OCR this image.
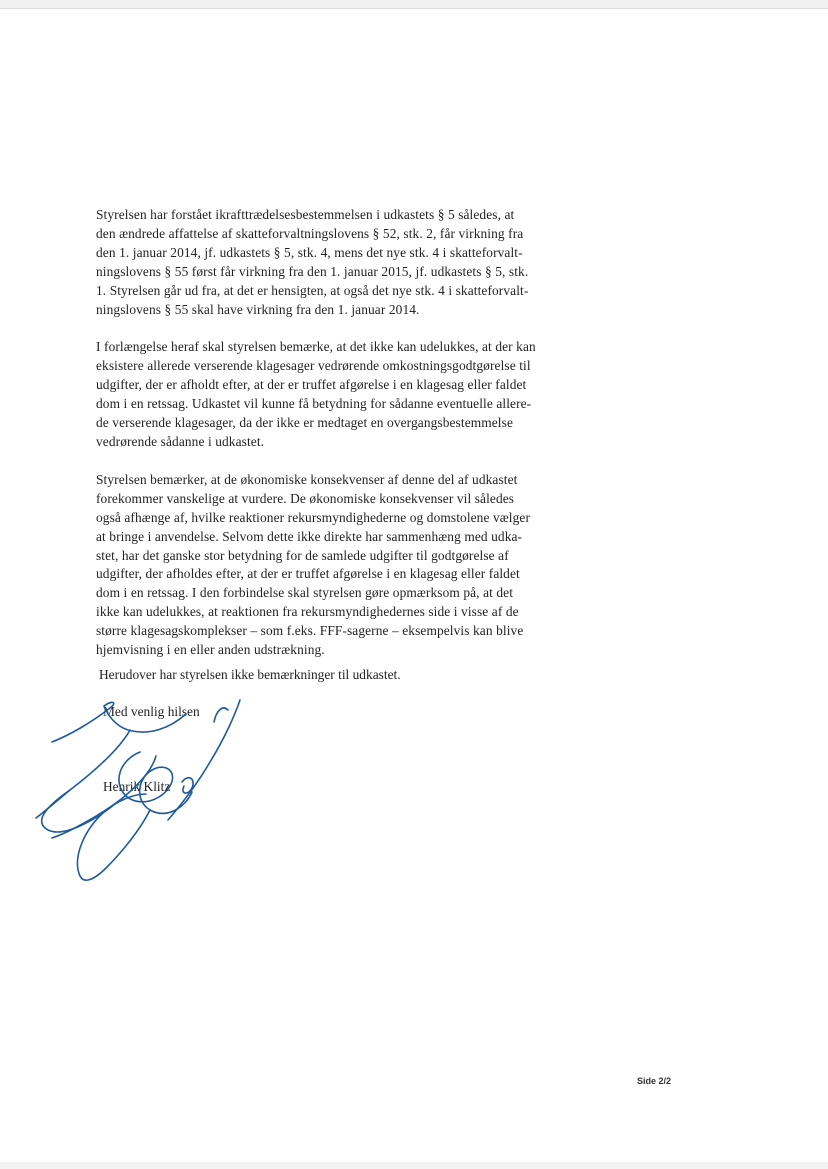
Styrelsen har forstået ikrafttrædelsesbestemmelsen i udkastets § 5 således, at
den ændrede affattelse af skatteforvaltningslovens § 52, stk. 2, får virkning fra
den 1. januar 2014, jf. udkastets § 5, stk. 4, mens det nye stk. 4 i skatteforvalt-
ningslovens § 55 først får virkning fra den 1. januar 2015, jf. udkastets § 5, stk.
1. Styrelsen går ud fra, at det er hensigten, at også det nye stk. 4 i skatteforvalt-
ningslovens § 55 skal have virkning fra den 1. januar 2014.

I forlængelse heraf skal styrelsen bemærke, at det ikke kan udelukkes, at der kan
eksistere allerede verserende klagesager vedrørende omkostningsgodtgørelse til
udgifter, der er afholdt efter, at der er truffet afgørelse i en klagesag eller faldet
dom i en retssag. Udkastet vil kunne få betydning for sådanne eventuelle allere-
de verserende klagesager, da der ikke er medtaget en overgangsbestemmelse
vedrørende sådanne i udkastet.

Styrelsen bemærker, at de økonomiske konsekvenser af denne del af udkastet
forekommer vanskelige at vurdere. De økonomiske konsekvenser vil således
også afhænge af, hvilke reaktioner rekursmyndighederne og domstolene vælger
at bringe i anvendelse. Selvom dette ikke direkte har sammenhæng med udka-
stet, har det ganske stor betydning for de samlede udgifter til godtgørelse af
udgifter, der afholdes efter, at der er truffet afgørelse i en klagesag eller faldet
dom i en retssag. I den forbindelse skal styrelsen gøre opmærksom på, at det
ikke kan udelukkes, at reaktionen fra rekursmyndighedernes side i visse af de
større klagesagskomplekser – som f.eks. FFF-sagerne – eksempelvis kan blive
hjemvisning i en eller anden udstrækning.

Herudover har styrelsen ikke bemærkninger til udkastet.
Med venlig hilsen
Henrik Klitz
Side 2/2
